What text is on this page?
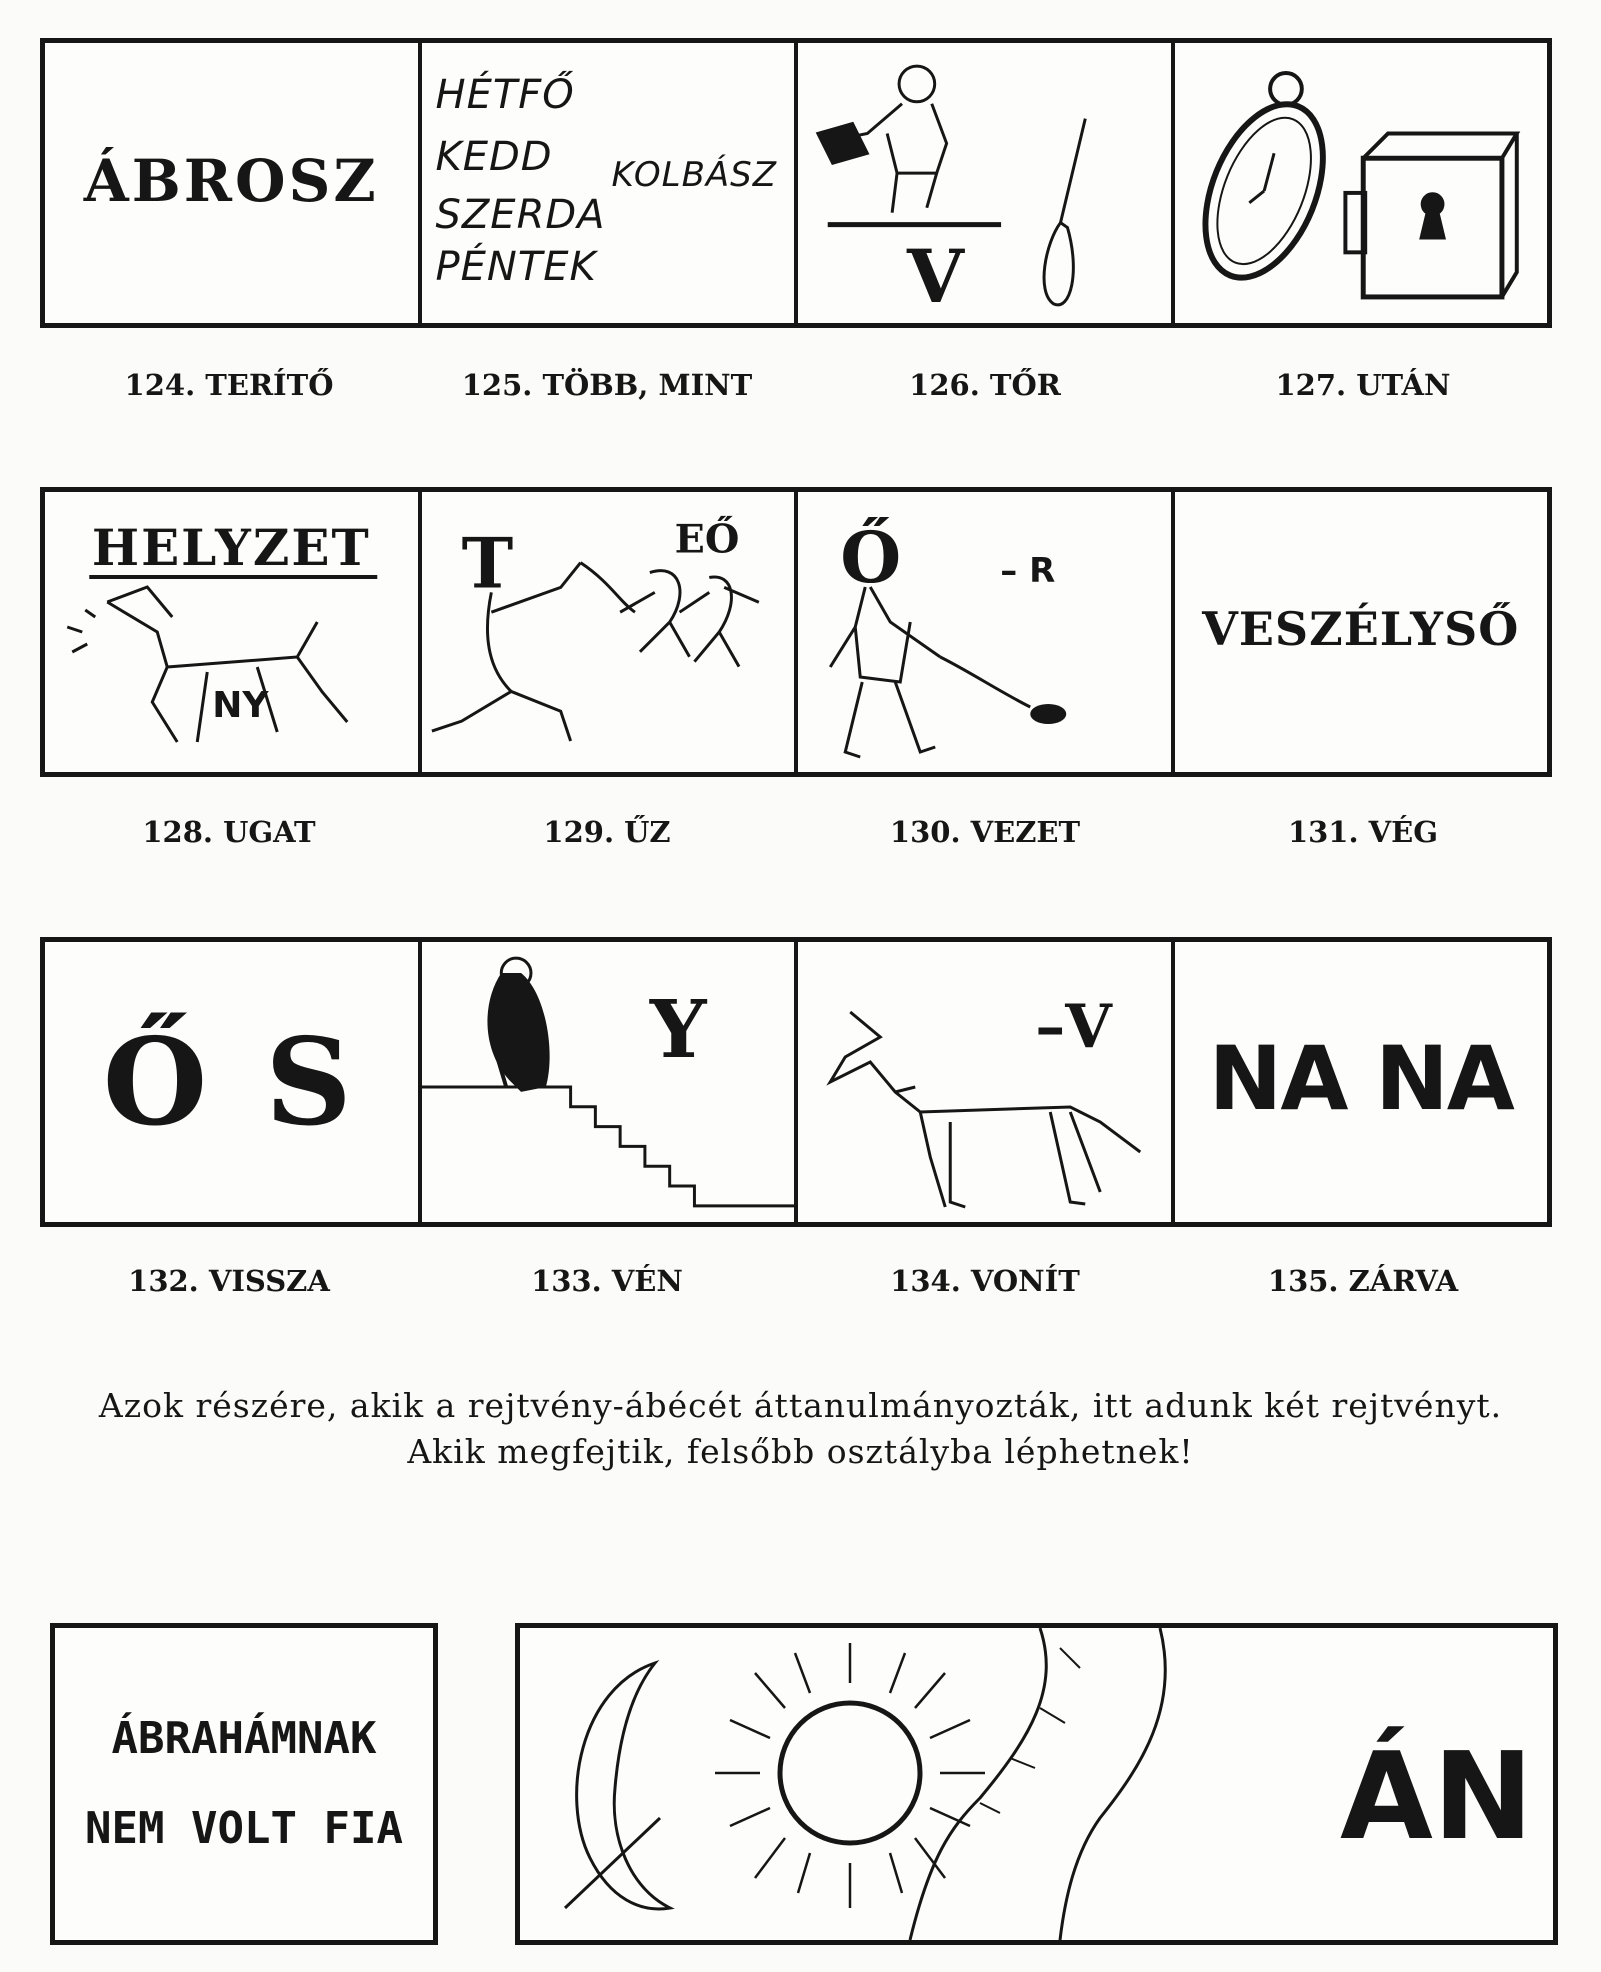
ÁBROSZ
HÉTFŐ
KEDD
SZERDA
PÉNTEK
KOLBÁSZ
V
124. TERÍTŐ	125. TÖBB, MINT	126. TŐR	127. UTÁN
HELYZET
NY
T	EŐ Ő	– R
VESZÉLYSŐ
128. UGAT	129. ŰZ	130. VEZET	131. VÉG
Ő S	Y	–V	NA NA
132. VISSZA	133. VÉN	134. VONÍT	135. ZÁRVA
Azok részére, akik a rejtvény-ábécét áttanulmányozták, itt adunk két rejtvényt.
Akik megfejtik, felsőbb osztályba léphetnek!
ÁBRAHÁMNAK
NEM VOLT FIA	ÁN
